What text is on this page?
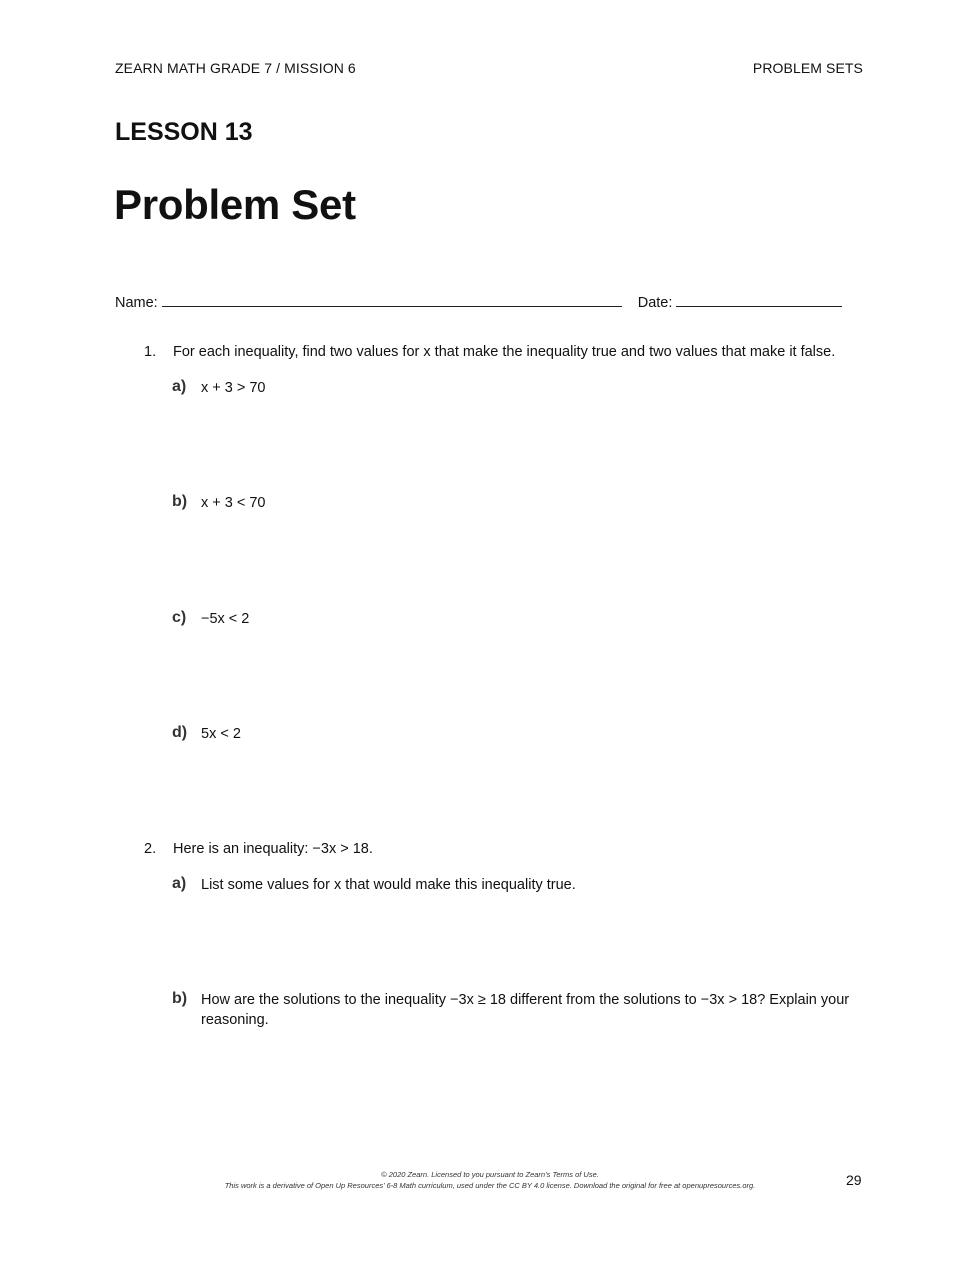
ZEARN MATH GRADE 7 / MISSION 6	PROBLEM SETS
LESSON 13
Problem Set
Name:	Date:
1. For each inequality, find two values for x that make the inequality true and two values that make it false.
a) x + 3 > 70
b) x + 3 < 70
c) −5x < 2
d) 5x < 2
2. Here is an inequality: −3x > 18.
a) List some values for x that would make this inequality true.
b) How are the solutions to the inequality −3x ≥ 18 different from the solutions to −3x > 18? Explain your reasoning.
© 2020 Zearn. Licensed to you pursuant to Zearn’s Terms of Use.
This work is a derivative of Open Up Resources’ 6-8 Math curriculum, used under the CC BY 4.0 license. Download the original for free at openupresources.org.	29
